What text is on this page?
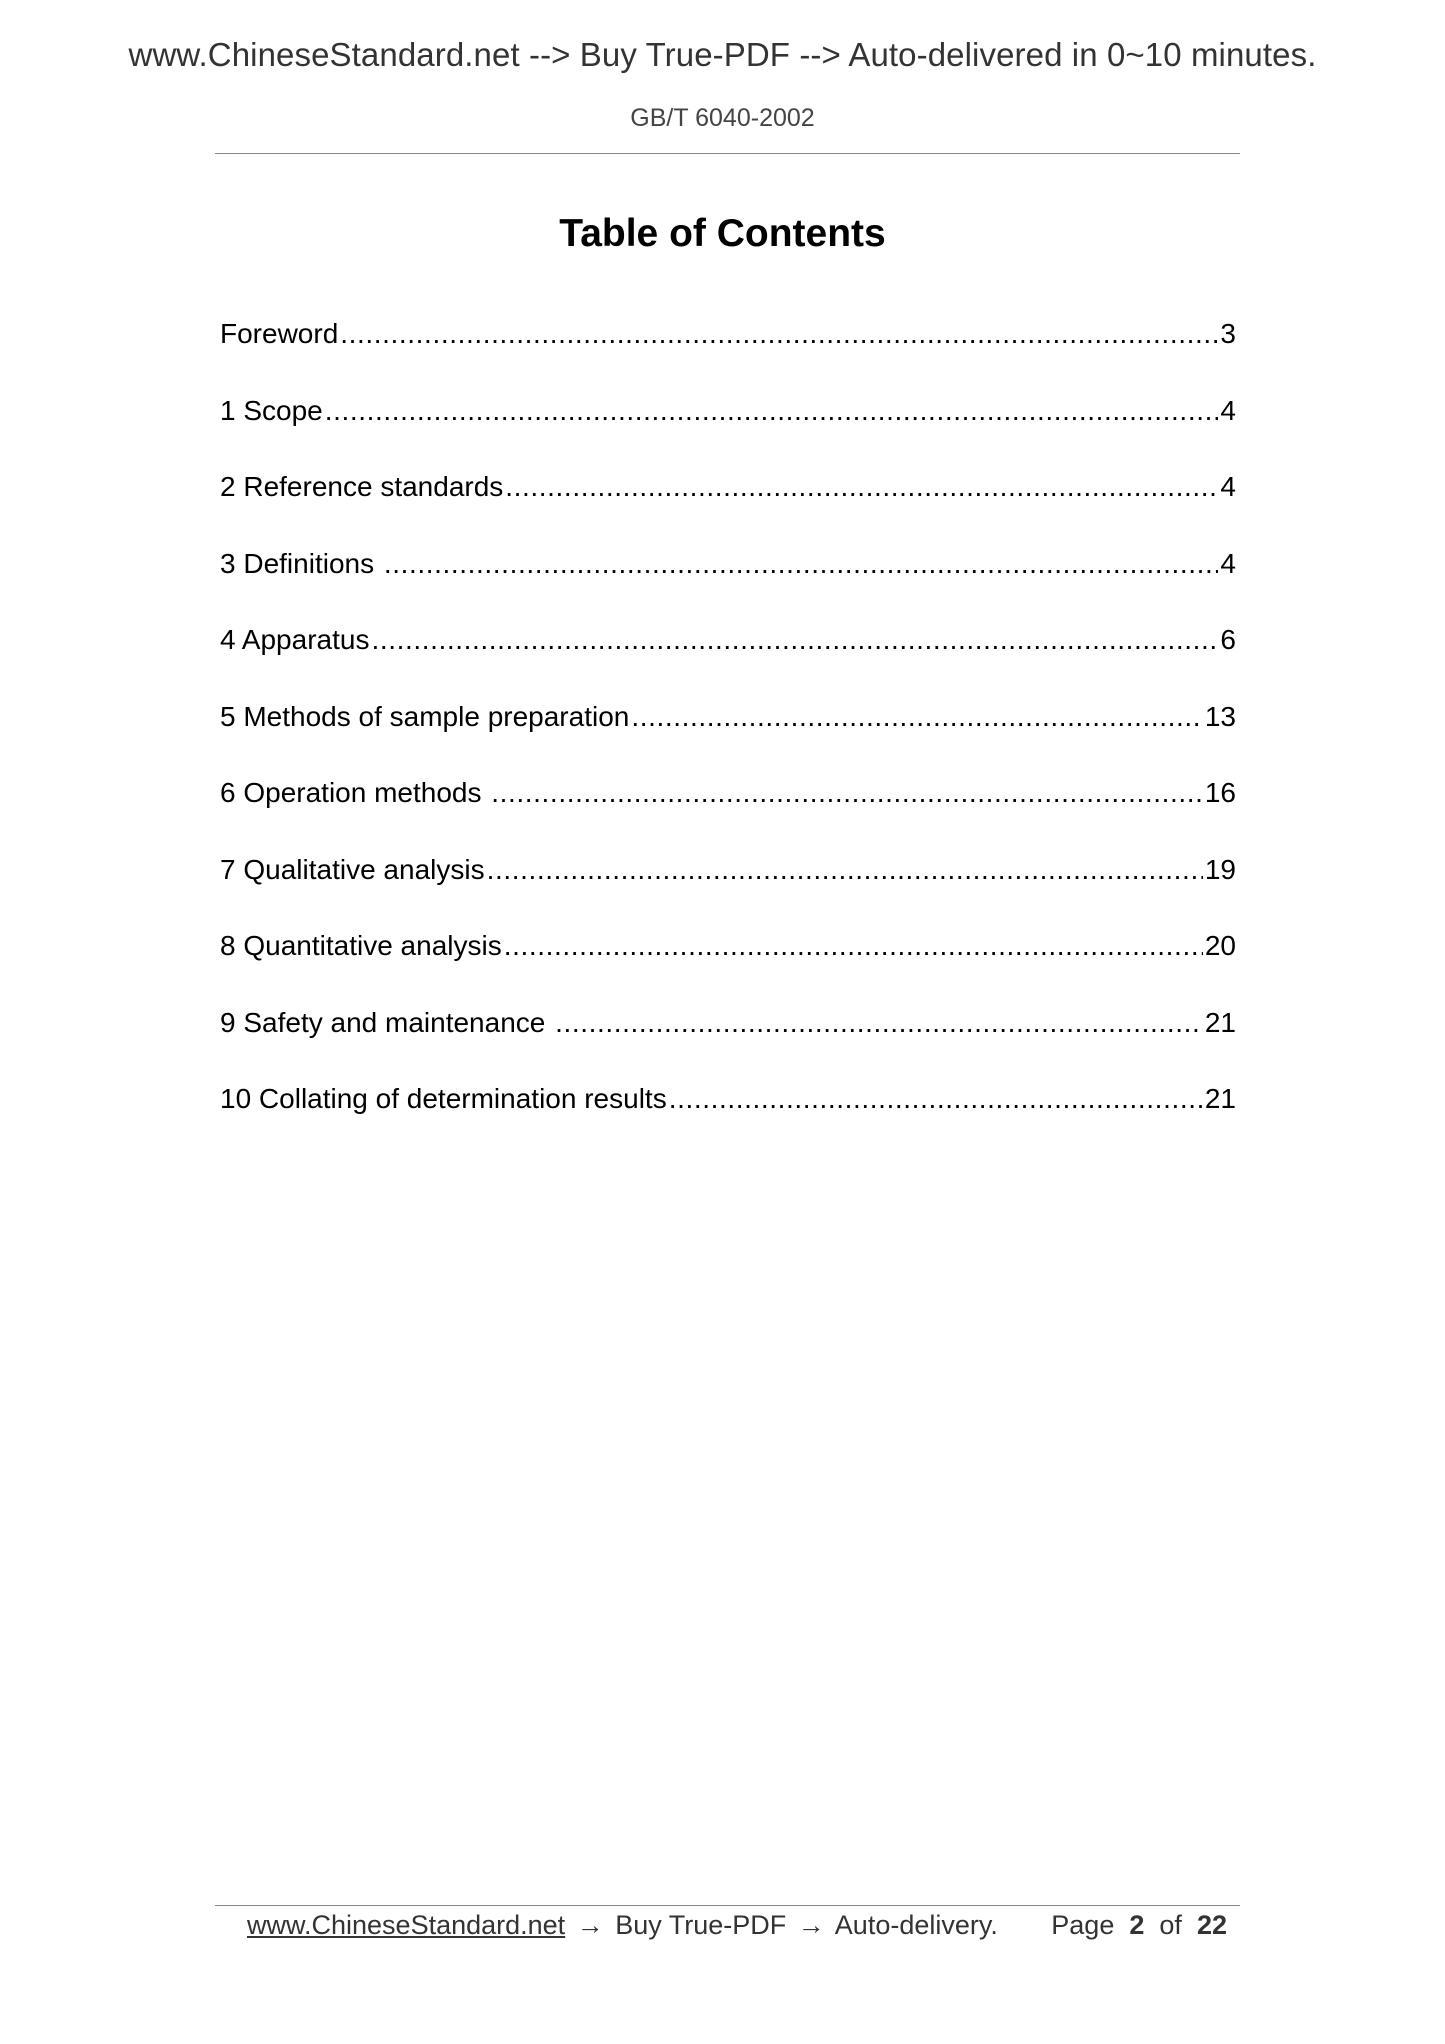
www.ChineseStandard.net --> Buy True-PDF --> Auto-delivered in 0~10 minutes.
GB/T 6040-2002
Table of Contents
Foreword .....	3
1 Scope .....	4
2 Reference standards .....	4
3 Definitions .....	4
4 Apparatus .....	6
5 Methods of sample preparation .....	13
6 Operation methods .....	16
7 Qualitative analysis .....	19
8 Quantitative analysis .....	20
9 Safety and maintenance .....	21
10 Collating of determination results .....	21
www.ChineseStandard.net → Buy True-PDF → Auto-delivery. Page 2 of 22
